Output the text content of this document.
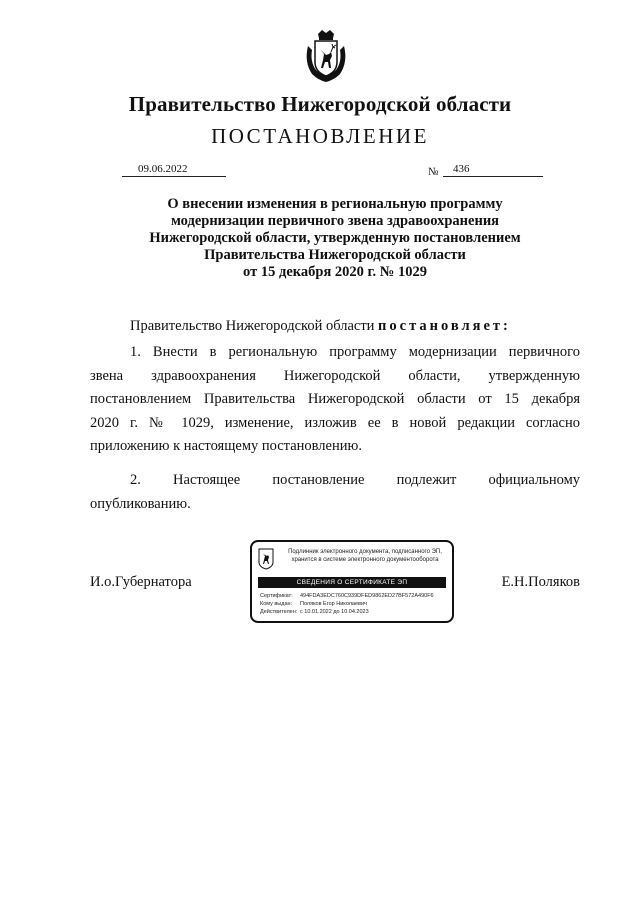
Правительство Нижегородской области
ПОСТАНОВЛЕНИЕ
09.06.2022	№	436
О внесении изменения в региональную программу
модернизации первичного звена здравоохранения
Нижегородской области, утвержденную постановлением
Правительства Нижегородской области
от 15 декабря 2020 г. № 1029
Правительство Нижегородской области постановляет:
1. Внести в региональную программу модернизации первичного
звена здравоохранения Нижегородской области, утвержденную
постановлением Правительства Нижегородской области от 15 декабря
2020 г. № 1029, изменение, изложив ее в новой редакции согласно
приложению к настоящему постановлению.
2. Настоящее постановление подлежит официальному
опубликованию.
И.о.Губернатора	Е.Н.Поляков
Подлинник электронного документа, подписанного ЭП,
хранится в системе электронного документооборота
СВЕДЕНИЯ О СЕРТИФИКАТЕ ЭП
Сертификат: 494FDA3EDC760C939DFED9862ED27BF572A490F6
Кому выдан: Поляков Егор Николаевич
Действителен: с 10.01.2022 до 10.04.2023
